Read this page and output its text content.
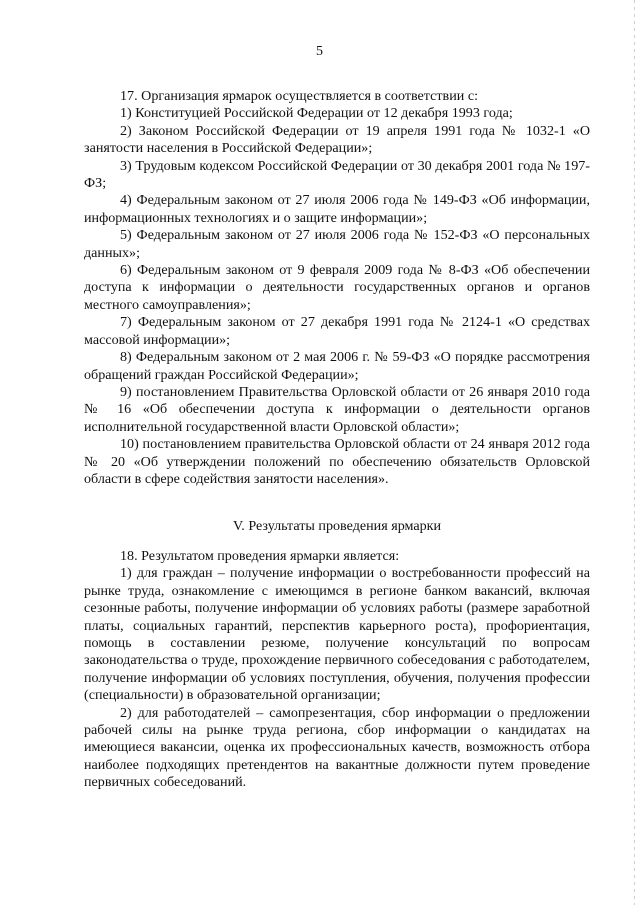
5

17. Организация ярмарок осуществляется в соответствии с:

1) Конституцией Российской Федерации от 12 декабря 1993 года;

2) Законом Российской Федерации от 19 апреля 1991 года № 1032-1 «О занятости населения в Российской Федерации»;

3) Трудовым кодексом Российской Федерации от 30 декабря 2001 года № 197-ФЗ;

4) Федеральным законом от 27 июля 2006 года № 149-ФЗ «Об информации, информационных технологиях и о защите информации»;

5) Федеральным законом от 27 июля 2006 года № 152-ФЗ «О персональных данных»;

6) Федеральным законом от 9 февраля 2009 года № 8-ФЗ «Об обеспечении доступа к информации о деятельности государственных органов и органов местного самоуправления»;

7) Федеральным законом от 27 декабря 1991 года № 2124-1 «О средствах массовой информации»;

8) Федеральным законом от 2 мая 2006 г. № 59-ФЗ «О порядке рассмотрения обращений граждан Российской Федерации»;

9) постановлением Правительства Орловской области от 26 января 2010 года № 16 «Об обеспечении доступа к информации о деятельности органов исполнительной государственной власти Орловской области»;

10) постановлением правительства Орловской области от 24 января 2012 года № 20 «Об утверждении положений по обеспечению обязательств Орловской области в сфере содействия занятости населения».

V. Результаты проведения ярмарки

18. Результатом проведения ярмарки является:

1) для граждан – получение информации о востребованности профессий на рынке труда, ознакомление с имеющимся в регионе банком вакансий, включая сезонные работы, получение информации об условиях работы (размере заработной платы, социальных гарантий, перспектив карьерного роста), профориентация, помощь в составлении резюме, получение консультаций по вопросам законодательства о труде, прохождение первичного собеседования с работодателем, получение информации об условиях поступления, обучения, получения профессии (специальности) в образовательной организации;

2) для работодателей – самопрезентация, сбор информации о предложении рабочей силы на рынке труда региона, сбор информации о кандидатах на имеющиеся вакансии, оценка их профессиональных качеств, возможность отбора наиболее подходящих претендентов на вакантные должности путем проведение первичных собеседований.
